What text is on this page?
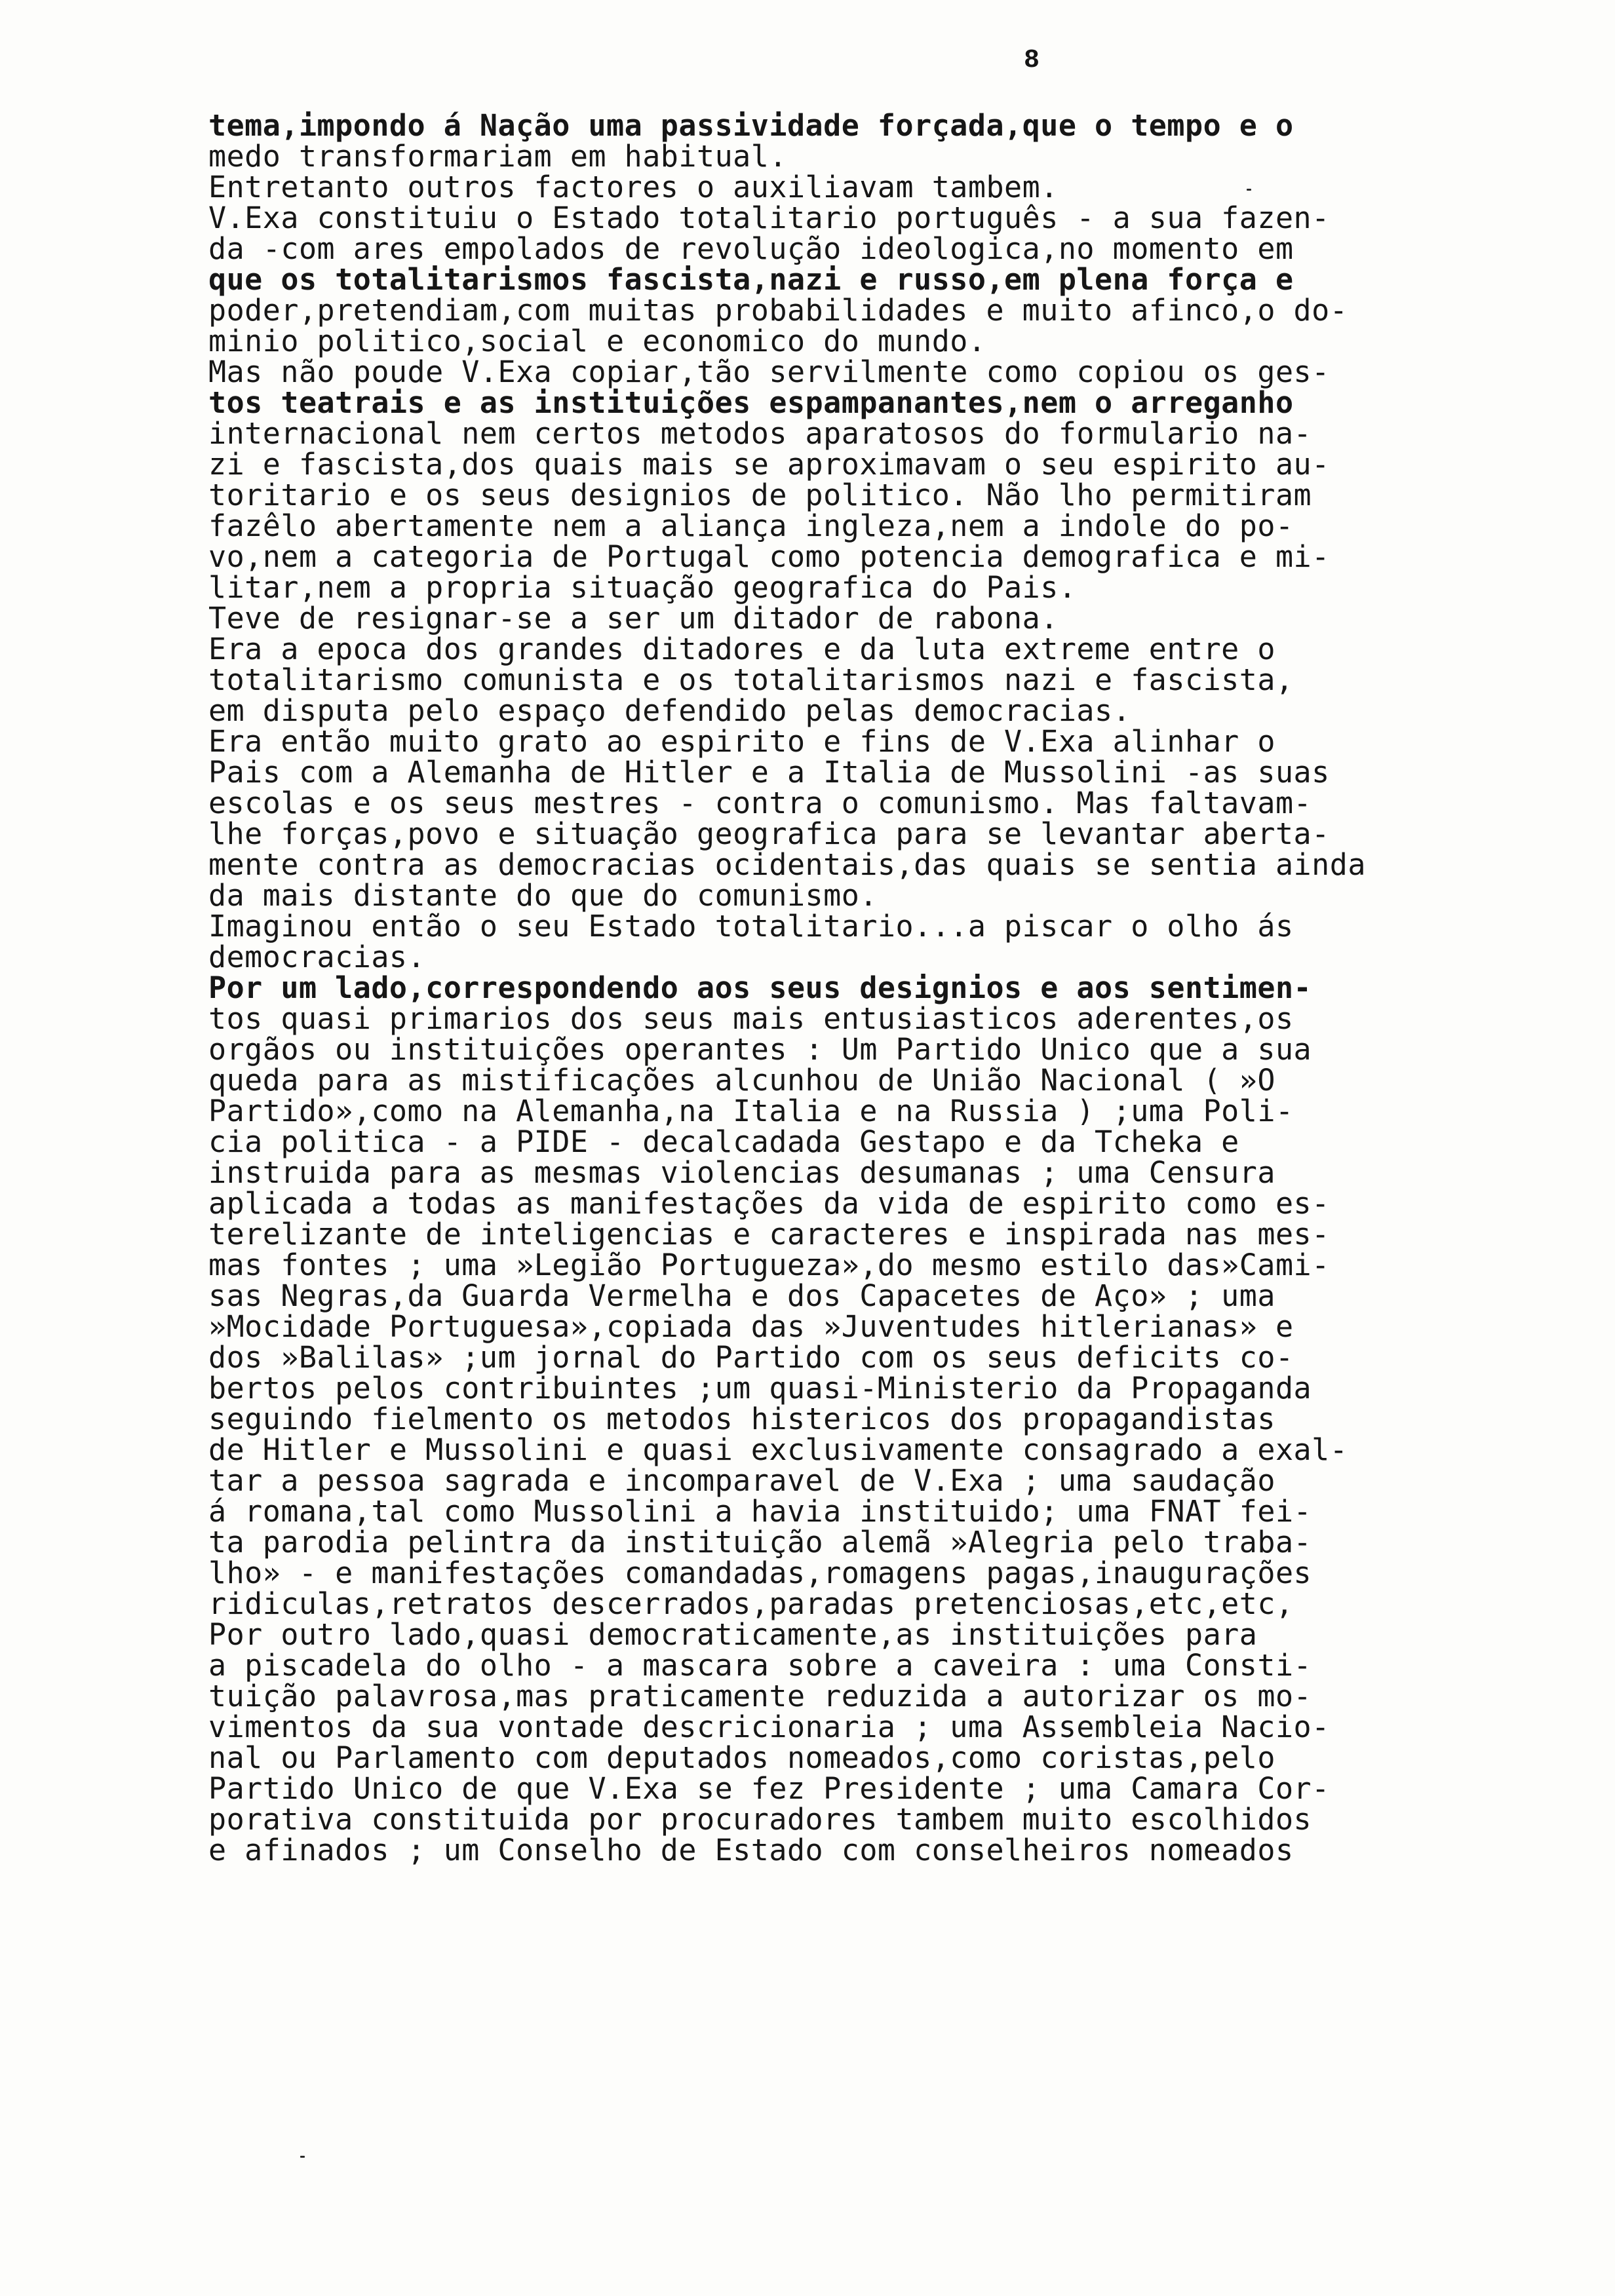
8
tema,impondo á Nação uma passividade forçada,que o tempo e o
medo transformariam em habitual.
Entretanto outros factores o auxiliavam tambem.
V.Exa constituiu o Estado totalitario português - a sua fazen-
da -com ares empolados de revolução ideologica,no momento em
que os totalitarismos fascista,nazi e russo,em plena força e
poder,pretendiam,com muitas probabilidades e muito afinco,o do-
minio politico,social e economico do mundo.
Mas não poude V.Exa copiar,tão servilmente como copiou os ges-
tos teatrais e as instituições espampanantes,nem o arreganho
internacional nem certos metodos aparatosos do formulario na-
zi e fascista,dos quais mais se aproximavam o seu espirito au-
toritario e os seus designios de politico. Não lho permitiram
fazêlo abertamente nem a aliança ingleza,nem a indole do po-
vo,nem a categoria de Portugal como potencia demografica e mi-
litar,nem a propria situação geografica do Pais.
Teve de resignar-se a ser um ditador de rabona.
Era a epoca dos grandes ditadores e da luta extreme entre o
totalitarismo comunista e os totalitarismos nazi e fascista,
em disputa pelo espaço defendido pelas democracias.
Era então muito grato ao espirito e fins de V.Exa alinhar o
Pais com a Alemanha de Hitler e a Italia de Mussolini -as suas
escolas e os seus mestres - contra o comunismo. Mas faltavam-
lhe forças,povo e situação geografica para se levantar aberta-
mente contra as democracias ocidentais,das quais se sentia ainda
da mais distante do que do comunismo.
Imaginou então o seu Estado totalitario...a piscar o olho ás
democracias.
Por um lado,correspondendo aos seus designios e aos sentimen-
tos quasi primarios dos seus mais entusiasticos aderentes,os
orgãos ou instituições operantes : Um Partido Unico que a sua
queda para as mistificações alcunhou de União Nacional ( »O
Partido»,como na Alemanha,na Italia e na Russia ) ;uma Poli-
cia politica - a PIDE - decalcadada Gestapo e da Tcheka e
instruida para as mesmas violencias desumanas ; uma Censura
aplicada a todas as manifestações da vida de espirito como es-
terelizante de inteligencias e caracteres e inspirada nas mes-
mas fontes ; uma »Legião Portugueza»,do mesmo estilo das»Cami-
sas Negras,da Guarda Vermelha e dos Capacetes de Aço» ; uma
»Mocidade Portuguesa»,copiada das »Juventudes hitlerianas» e
dos »Balilas» ;um jornal do Partido com os seus deficits co-
bertos pelos contribuintes ;um quasi-Ministerio da Propaganda
seguindo fielmento os metodos histericos dos propagandistas
de Hitler e Mussolini e quasi exclusivamente consagrado a exal-
tar a pessoa sagrada e incomparavel de V.Exa ; uma saudação
á romana,tal como Mussolini a havia instituido; uma FNAT fei-
ta parodia pelintra da instituição alemã »Alegria pelo traba-
lho» - e manifestações comandadas,romagens pagas,inaugurações
ridiculas,retratos descerrados,paradas pretenciosas,etc,etc,
Por outro lado,quasi democraticamente,as instituições para
a piscadela do olho - a mascara sobre a caveira : uma Consti-
tuição palavrosa,mas praticamente reduzida a autorizar os mo-
vimentos da sua vontade descricionaria ; uma Assembleia Nacio-
nal ou Parlamento com deputados nomeados,como coristas,pelo
Partido Unico de que V.Exa se fez Presidente ; uma Camara Cor-
porativa constituida por procuradores tambem muito escolhidos
e afinados ; um Conselho de Estado com conselheiros nomeados
